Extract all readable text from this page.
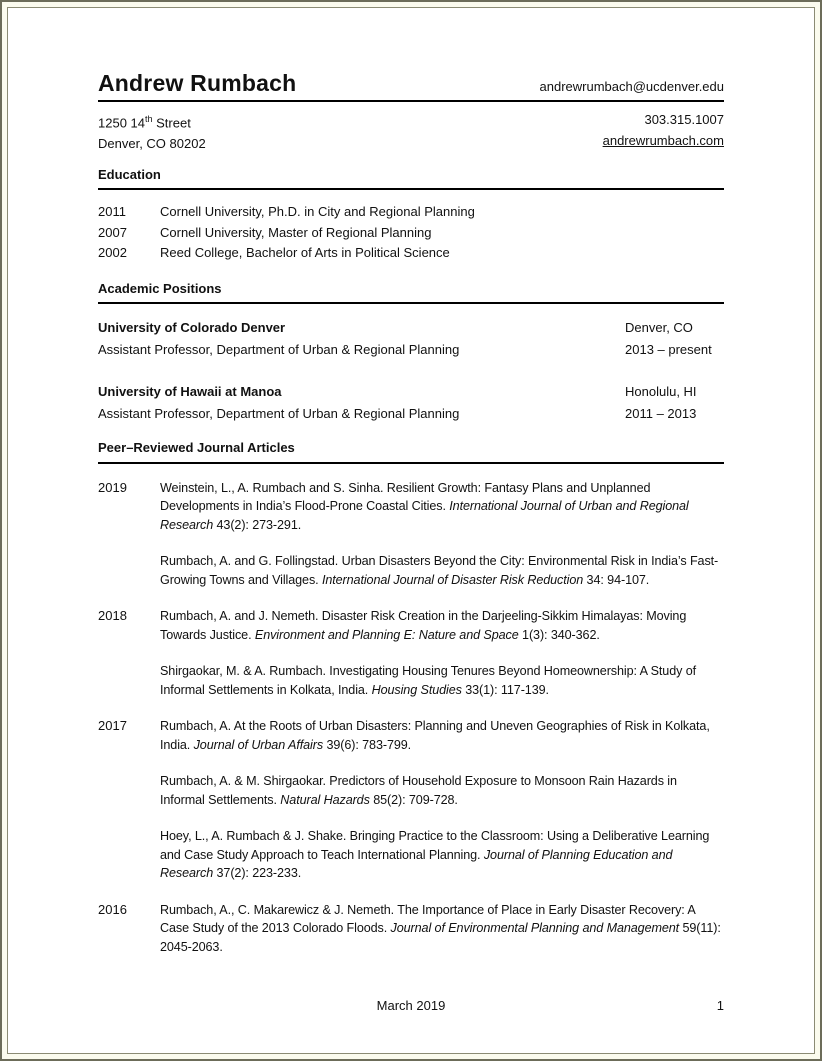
Andrew Rumbach	andrewrumbach@ucdenver.edu
1250 14th Street
Denver, CO 80202
303.315.1007
andrewrumbach.com
Education
2011	Cornell University, Ph.D. in City and Regional Planning
2007	Cornell University, Master of Regional Planning
2002	Reed College, Bachelor of Arts in Political Science
Academic Positions
University of Colorado Denver	Denver, CO
Assistant Professor, Department of Urban & Regional Planning	2013 – present
University of Hawaii at Manoa	Honolulu, HI
Assistant Professor, Department of Urban & Regional Planning	2011 – 2013
Peer–Reviewed Journal Articles
2019	Weinstein, L., A. Rumbach and S. Sinha. Resilient Growth: Fantasy Plans and Unplanned Developments in India’s Flood-Prone Coastal Cities. International Journal of Urban and Regional Research 43(2): 273-291.

Rumbach, A. and G. Follingstad. Urban Disasters Beyond the City: Environmental Risk in India’s Fast-Growing Towns and Villages. International Journal of Disaster Risk Reduction 34: 94-107.

2018	Rumbach, A. and J. Nemeth. Disaster Risk Creation in the Darjeeling-Sikkim Himalayas: Moving Towards Justice. Environment and Planning E: Nature and Space 1(3): 340-362.

Shirgaokar, M. & A. Rumbach. Investigating Housing Tenures Beyond Homeownership: A Study of Informal Settlements in Kolkata, India. Housing Studies 33(1): 117-139.

2017	Rumbach, A. At the Roots of Urban Disasters: Planning and Uneven Geographies of Risk in Kolkata, India. Journal of Urban Affairs 39(6): 783-799.

Rumbach, A. & M. Shirgaokar. Predictors of Household Exposure to Monsoon Rain Hazards in Informal Settlements. Natural Hazards 85(2): 709-728.

Hoey, L., A. Rumbach & J. Shake. Bringing Practice to the Classroom: Using a Deliberative Learning and Case Study Approach to Teach International Planning. Journal of Planning Education and Research 37(2): 223-233.

2016	Rumbach, A., C. Makarewicz & J. Nemeth. The Importance of Place in Early Disaster Recovery: A Case Study of the 2013 Colorado Floods. Journal of Environmental Planning and Management 59(11): 2045-2063.

March 2019	1
